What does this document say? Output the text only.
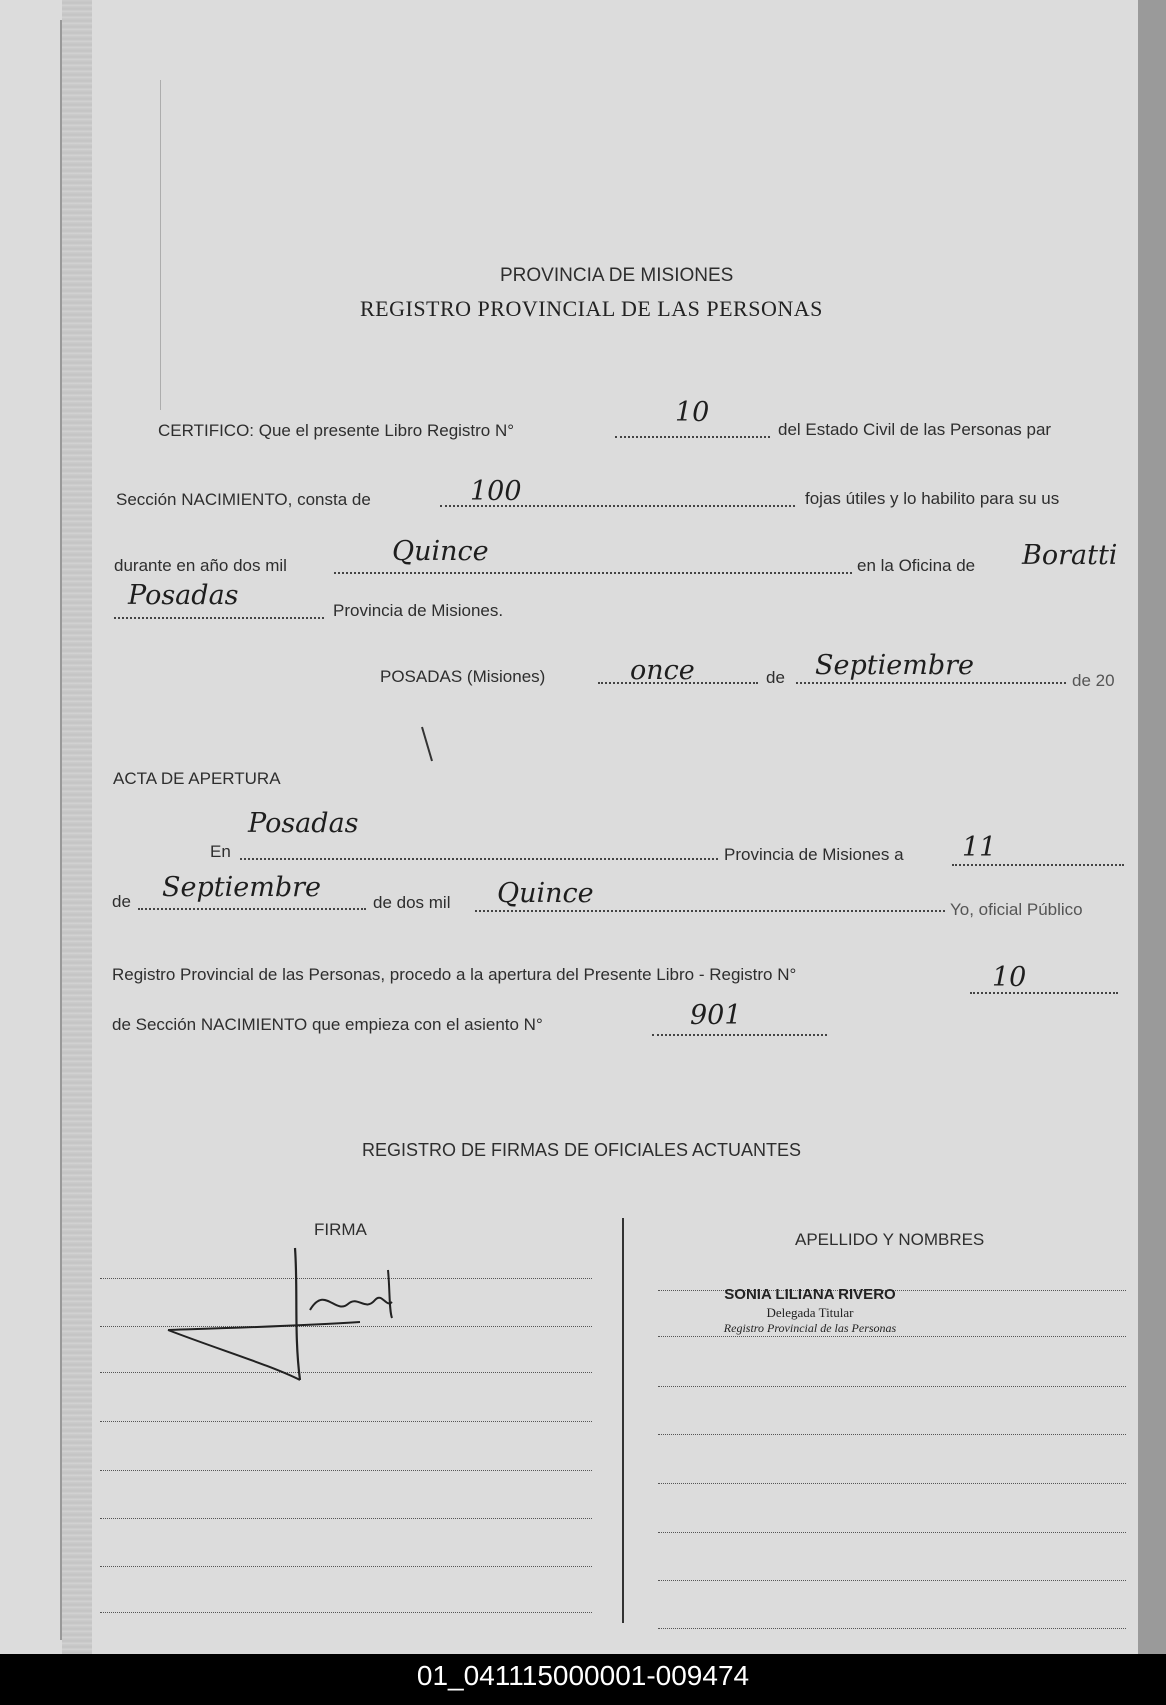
PROVINCIA DE MISIONES
REGISTRO PROVINCIAL DE LAS PERSONAS
CERTIFICO: Que el presente Libro Registro N°
10
del Estado Civil de las Personas par
Sección NACIMIENTO, consta de	100	fojas útiles y lo habilito para su us
durante en año dos mil	Quince	en la Oficina de Boratti
Posadas	Provincia de Misiones.
POSADAS (Misiones)	once	de Septiembre	de 20
ACTA DE APERTURA
En
Posadas
Provincia de Misiones a 11
de Septiembre	de dos mil Quince
Yo, oficial Público
Registro Provincial de las Personas, procedo a la apertura del Presente Libro - Registro N°	10
de Sección NACIMIENTO que empieza con el asiento N°	901
REGISTRO DE FIRMAS DE OFICIALES ACTUANTES
FIRMA
APELLIDO Y NOMBRES
SONIA LILIANA RIVERO
Delegada Titular
Registro Provincial de las Personas
01_041115000001-009474
